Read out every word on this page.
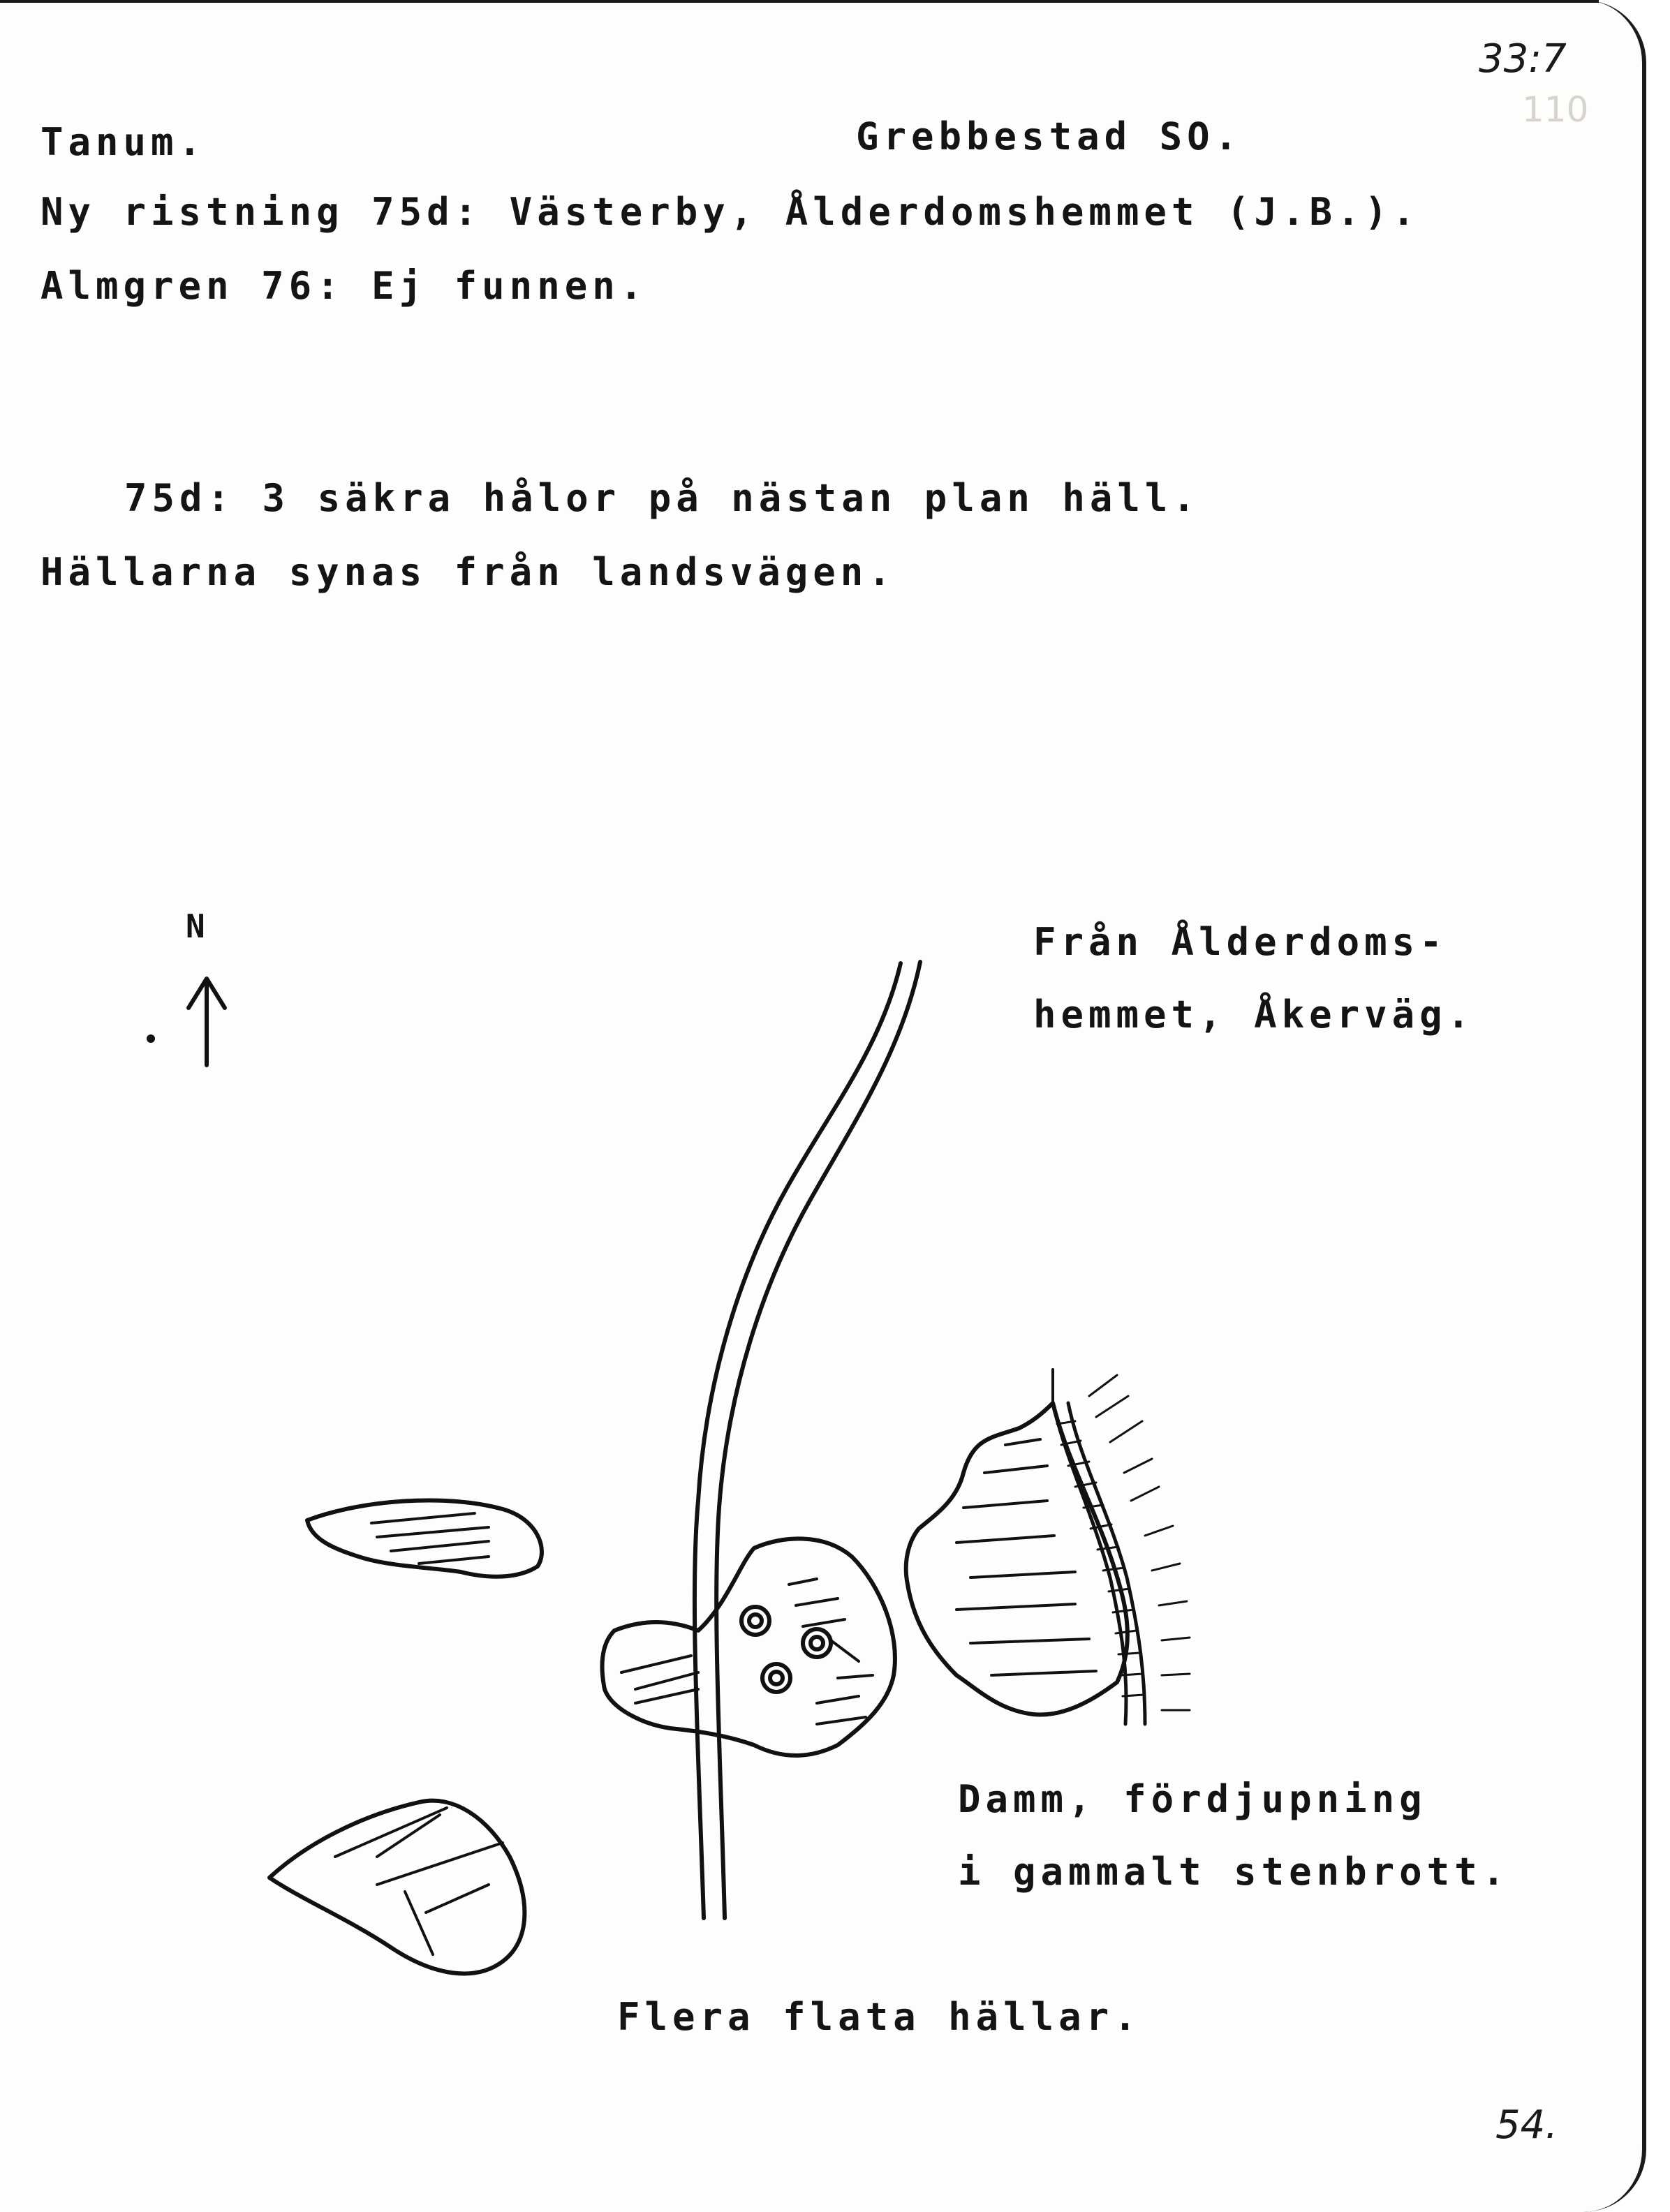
33:7
110
Tanum.	Grebbestad SO.
Ny ristning 75d: Västerby, Ålderdomshemmet (J.B.).
Almgren 76: Ej funnen.
75d: 3 säkra hålor på nästan plan häll.
Hällarna synas från landsvägen.
N	Från Ålderdoms-
hemmet, Åkerväg.
Damm, fördjupning
i gammalt stenbrott.
Flera flata hällar.
54.
